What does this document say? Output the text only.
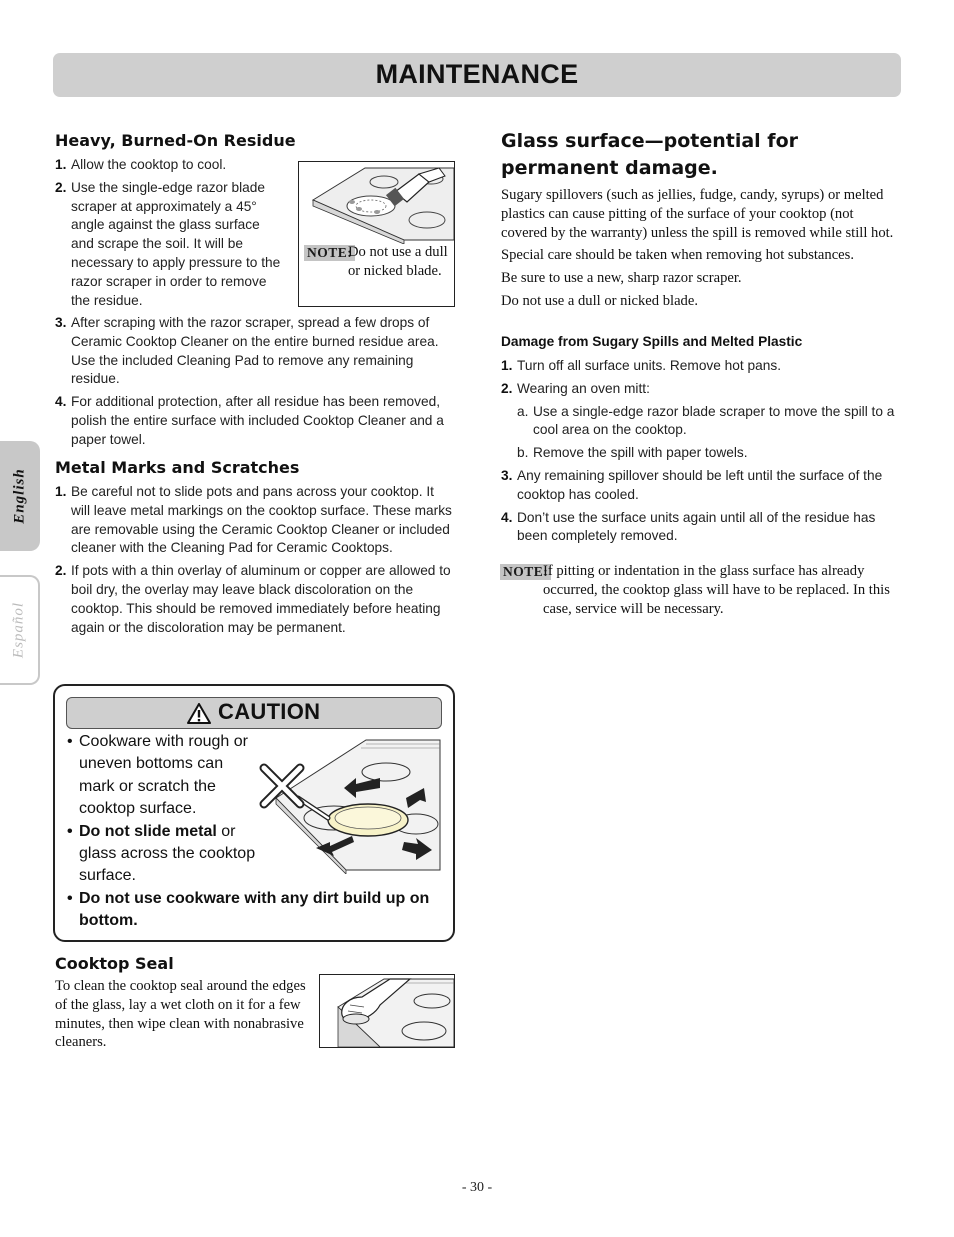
MAINTENANCE
English
Español
Heavy, Burned-On Residue
1. Allow the cooktop to cool.
2. Use the single-edge razor blade scraper at approximately a 45° angle against the glass surface and scrape the soil. It will be necessary to apply pressure to the razor scraper in order to remove the residue.
NOTE:
Do not use a dull or nicked blade.
3. After scraping with the razor scraper, spread a few drops of Ceramic Cooktop Cleaner on the entire burned residue area. Use the included Cleaning Pad to remove any remaining residue.
4. For additional protection, after all residue has been removed, polish the entire surface with included Cooktop Cleaner and a paper towel.
Metal Marks and Scratches
1. Be careful not to slide pots and pans across your cooktop. It will leave metal markings on the cooktop surface. These marks are removable using the Ceramic Cooktop Cleaner or included cleaner with the Cleaning Pad for Ceramic Cooktops.
2. If pots with a thin overlay of aluminum or copper are allowed to boil dry, the overlay may leave black discoloration on the cooktop. This should be removed immediately before heating again or the discoloration may be permanent.
CAUTION

• Cookware with rough or uneven bottoms can mark or scratch the cooktop surface.

• Do not slide metal or glass across the cooktop surface.

• Do not use cookware with any dirt build up on bottom.

Cooktop Seal
To clean the cooktop seal around the edges of the glass, lay a wet cloth on it for a few minutes, then wipe clean with nonabrasive cleaners.
Glass surface—potential for permanent damage.

Sugary spillovers (such as jellies, fudge, candy, syrups) or melted plastics can cause pitting of the surface of your cooktop (not covered by the warranty) unless the spill is removed while still hot.

Special care should be taken when removing hot substances.

Be sure to use a new, sharp razor scraper.

Do not use a dull or nicked blade.

Damage from Sugary Spills and Melted Plastic
1. Turn off all surface units. Remove hot pans.
2. Wearing an oven mitt:
a. Use a single-edge razor blade scraper to move the spill to a cool area on the cooktop.
b. Remove the spill with paper towels.
3. Any remaining spillover should be left until the surface of the cooktop has cooled.
4. Don’t use the surface units again until all of the residue has been completely removed.
NOTE:
If pitting or indentation in the glass surface has already occurred, the cooktop glass will have to be replaced. In this case, service will be necessary.
- 30 -
